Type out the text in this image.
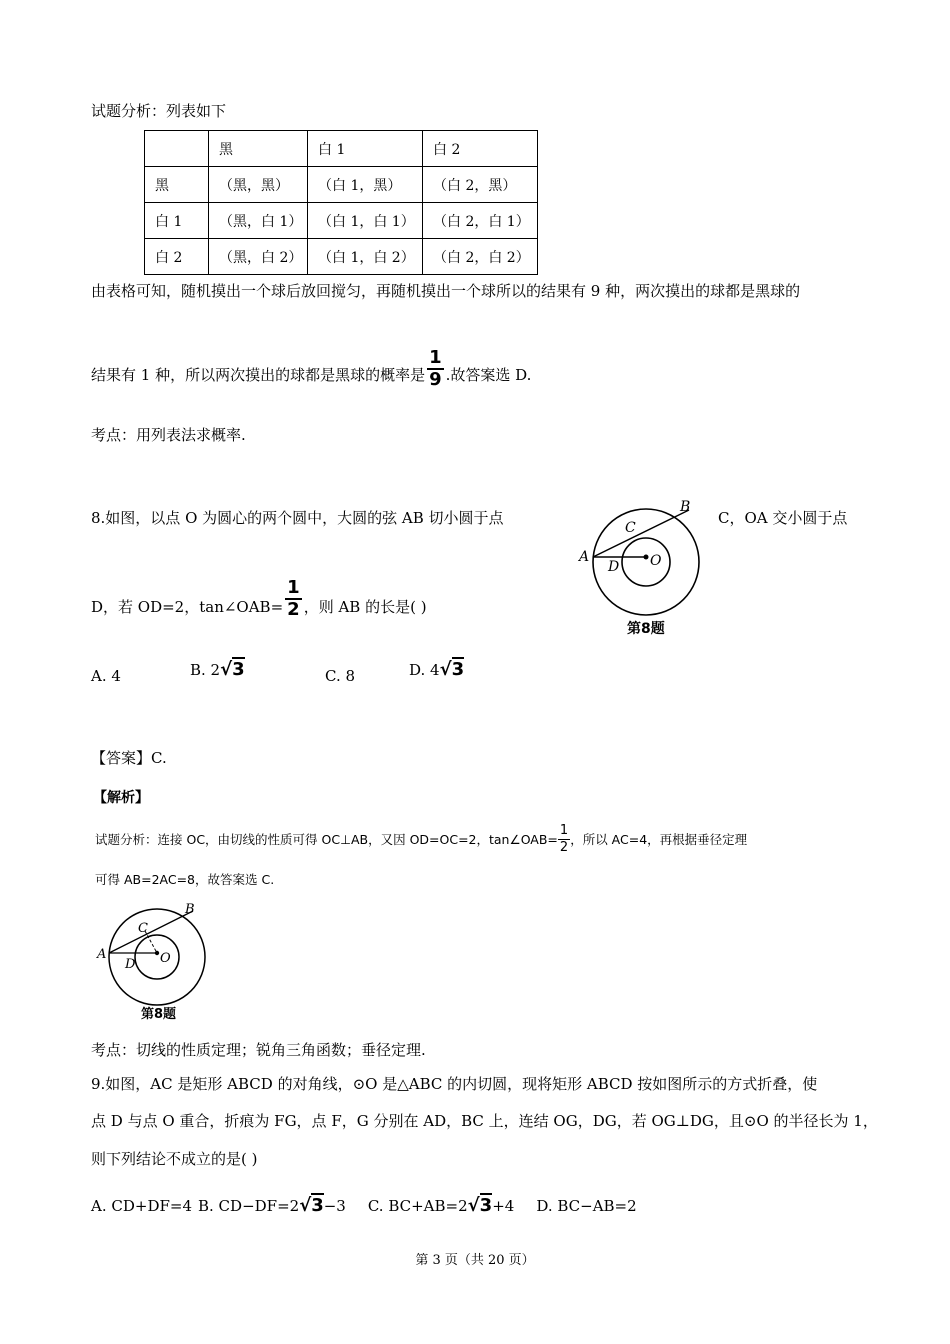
试题分析：列表如下
	黑	白 1	白 2
黑	（黑，黑）	（白 1，黑）	（白 2，黑）
白 1	（黑，白 1）	（白 1，白 1）	（白 2，白 1）
白 2	（黑，白 2）	（白 1，白 2）	（白 2，白 2）
由表格可知，随机摸出一个球后放回搅匀，再随机摸出一个球所以的结果有 9 种，两次摸出的球都是黑球的
结果有 1 种，所以两次摸出的球都是黑球的概率是 $\frac{1}{9}$ .故答案选 D.
考点：用列表法求概率.
8.如图，以点 O 为圆心的两个圆中，大圆的弦 AB 切小圆于点	C，OA 交小圆于点
A
B
C
D O
第8题
D，若 OD=2，tan∠OAB= $\frac{1}{2}$ ，则 AB 的长是( )
A. 4	B. 2√3	C. 8	D. 4√3
【答案】C.
【解析】
试题分析：连接 OC，由切线的性质可得 OC⊥AB，又因 OD=OC=2，tan∠OAB= $\frac{1}{2}$ ，所以 AC=4，再根据垂径定理
可得 AB=2AC=8，故答案选 C.
A
B
C
D O
第8题
考点：切线的性质定理；锐角三角函数；垂径定理.
9.如图，AC 是矩形 ABCD 的对角线，⊙O 是△ABC 的内切圆，现将矩形 ABCD 按如图所示的方式折叠，使
点 D 与点 O 重合，折痕为 FG，点 F，G 分别在 AD，BC 上，连结 OG，DG，若 OG⊥DG，且⊙O 的半径长为 1，
则下列结论不成立的是( )
A. CD+DF=4 B. CD−DF=2√3−3 C. BC+AB=2√3+4 D. BC−AB=2
第 3 页（共 20 页）
